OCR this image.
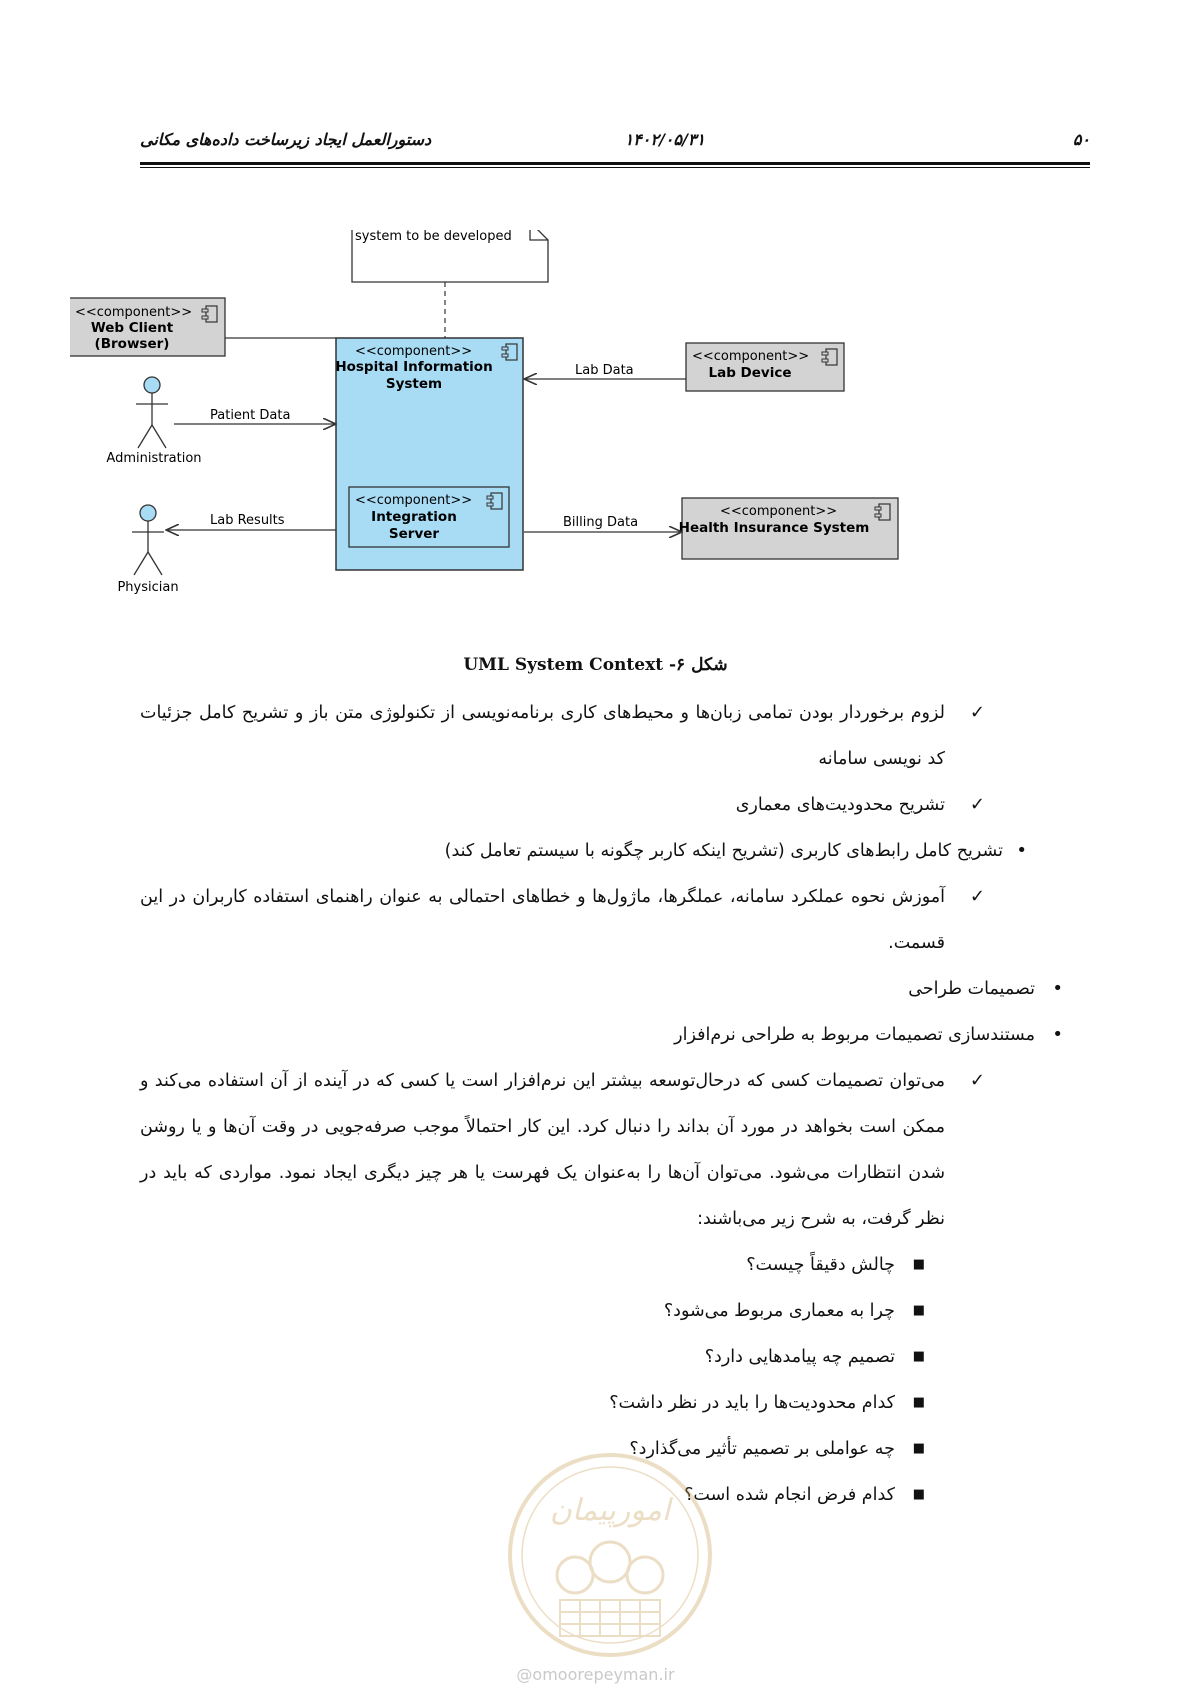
۵۰
۱۴۰۲/۰۵/۳۱
دستورالعمل ایجاد زیرساخت داده‌های مکانی
system to be developed
<<component>>
Web Client
(Browser)	<<component>>
Hospital Information
System
<<component>>
Integration
Server
<<component>>
Lab Device
<<component>>
Health Insurance System
Administration
Physician
Patient Data
Lab Results
Lab Data
Billing Data
شکل ۶- UML System Context
✓
لزوم برخوردار بودن تمامی زبان‌ها و محیط‌های کاری برنامه‌نویسی از تکنولوژی متن باز و تشریح کامل جزئیات کد نویسی سامانه
✓
تشریح محدودیت‌های معماری
•
تشریح کامل رابط‌های کاربری (تشریح اینکه کاربر چگونه با سیستم تعامل کند)
✓
آموزش نحوه عملکرد سامانه، عملگرها، ماژول‌ها و خطاهای احتمالی به عنوان راهنمای استفاده کاربران در این قسمت.
•
تصمیمات طراحی
•
مستندسازی تصمیمات مربوط به طراحی نرم‌افزار
✓
می‌توان تصمیمات کسی که درحال‌توسعه بیشتر این نرم‌افزار است یا کسی که در آینده از آن استفاده می‌کند و ممکن است بخواهد در مورد آن بداند را دنبال کرد. این کار احتمالاً موجب صرفه‌جویی در وقت آن‌ها و یا روشن شدن انتظارات می‌شود. می‌توان آن‌ها را به‌عنوان یک فهرست یا هر چیز دیگری ایجاد نمود. مواردی که باید در نظر گرفت، به شرح زیر می‌باشند:
■
چالش دقیقاً چیست؟
■
چرا به معماری مربوط می‌شود؟
■
تصمیم چه پیامدهایی دارد؟
■
کدام محدودیت‌ها را باید در نظر داشت؟
■
چه عواملی بر تصمیم تأثیر می‌گذارد؟
■
کدام فرض انجام شده است؟
امورپیمان
@omoorepeyman.ir
